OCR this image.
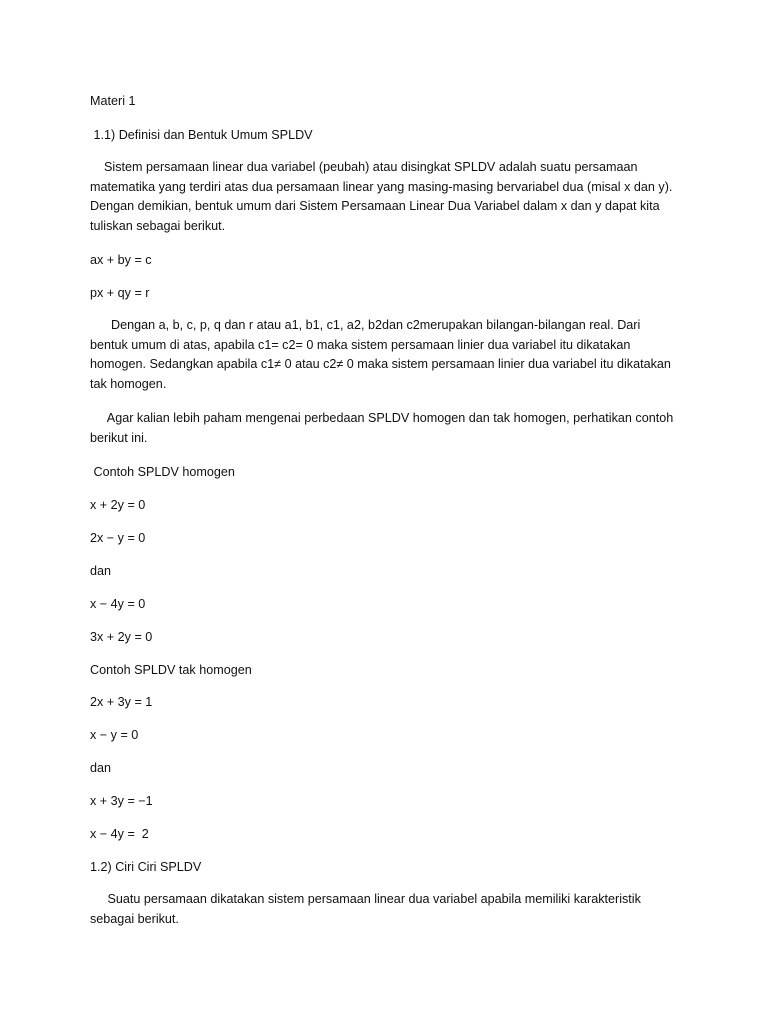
Materi 1

1.1) Definisi dan Bentuk Umum SPLDV

Sistem persamaan linear dua variabel (peubah) atau disingkat SPLDV adalah suatu persamaan
matematika yang terdiri atas dua persamaan linear yang masing-masing bervariabel dua (misal x dan y).
Dengan demikian, bentuk umum dari Sistem Persamaan Linear Dua Variabel dalam x dan y dapat kita
tuliskan sebagai berikut.

ax + by = c

px + qy = r

Dengan a, b, c, p, q dan r atau a1, b1, c1, a2, b2dan c2merupakan bilangan-bilangan real. Dari
bentuk umum di atas, apabila c1= c2= 0 maka sistem persamaan linier dua variabel itu dikatakan
homogen. Sedangkan apabila c1≠ 0 atau c2≠ 0 maka sistem persamaan linier dua variabel itu dikatakan
tak homogen.
Agar kalian lebih paham mengenai perbedaan SPLDV homogen dan tak homogen, perhatikan contoh
berikut ini.

Contoh SPLDV homogen

x + 2y = 0

2x − y = 0

dan

x − 4y = 0

3x + 2y = 0

Contoh SPLDV tak homogen

2x + 3y = 1

x − y = 0

dan

x + 3y = −1

x − 4y =  2

1.2) Ciri Ciri SPLDV

Suatu persamaan dikatakan sistem persamaan linear dua variabel apabila memiliki karakteristik
sebagai berikut.
